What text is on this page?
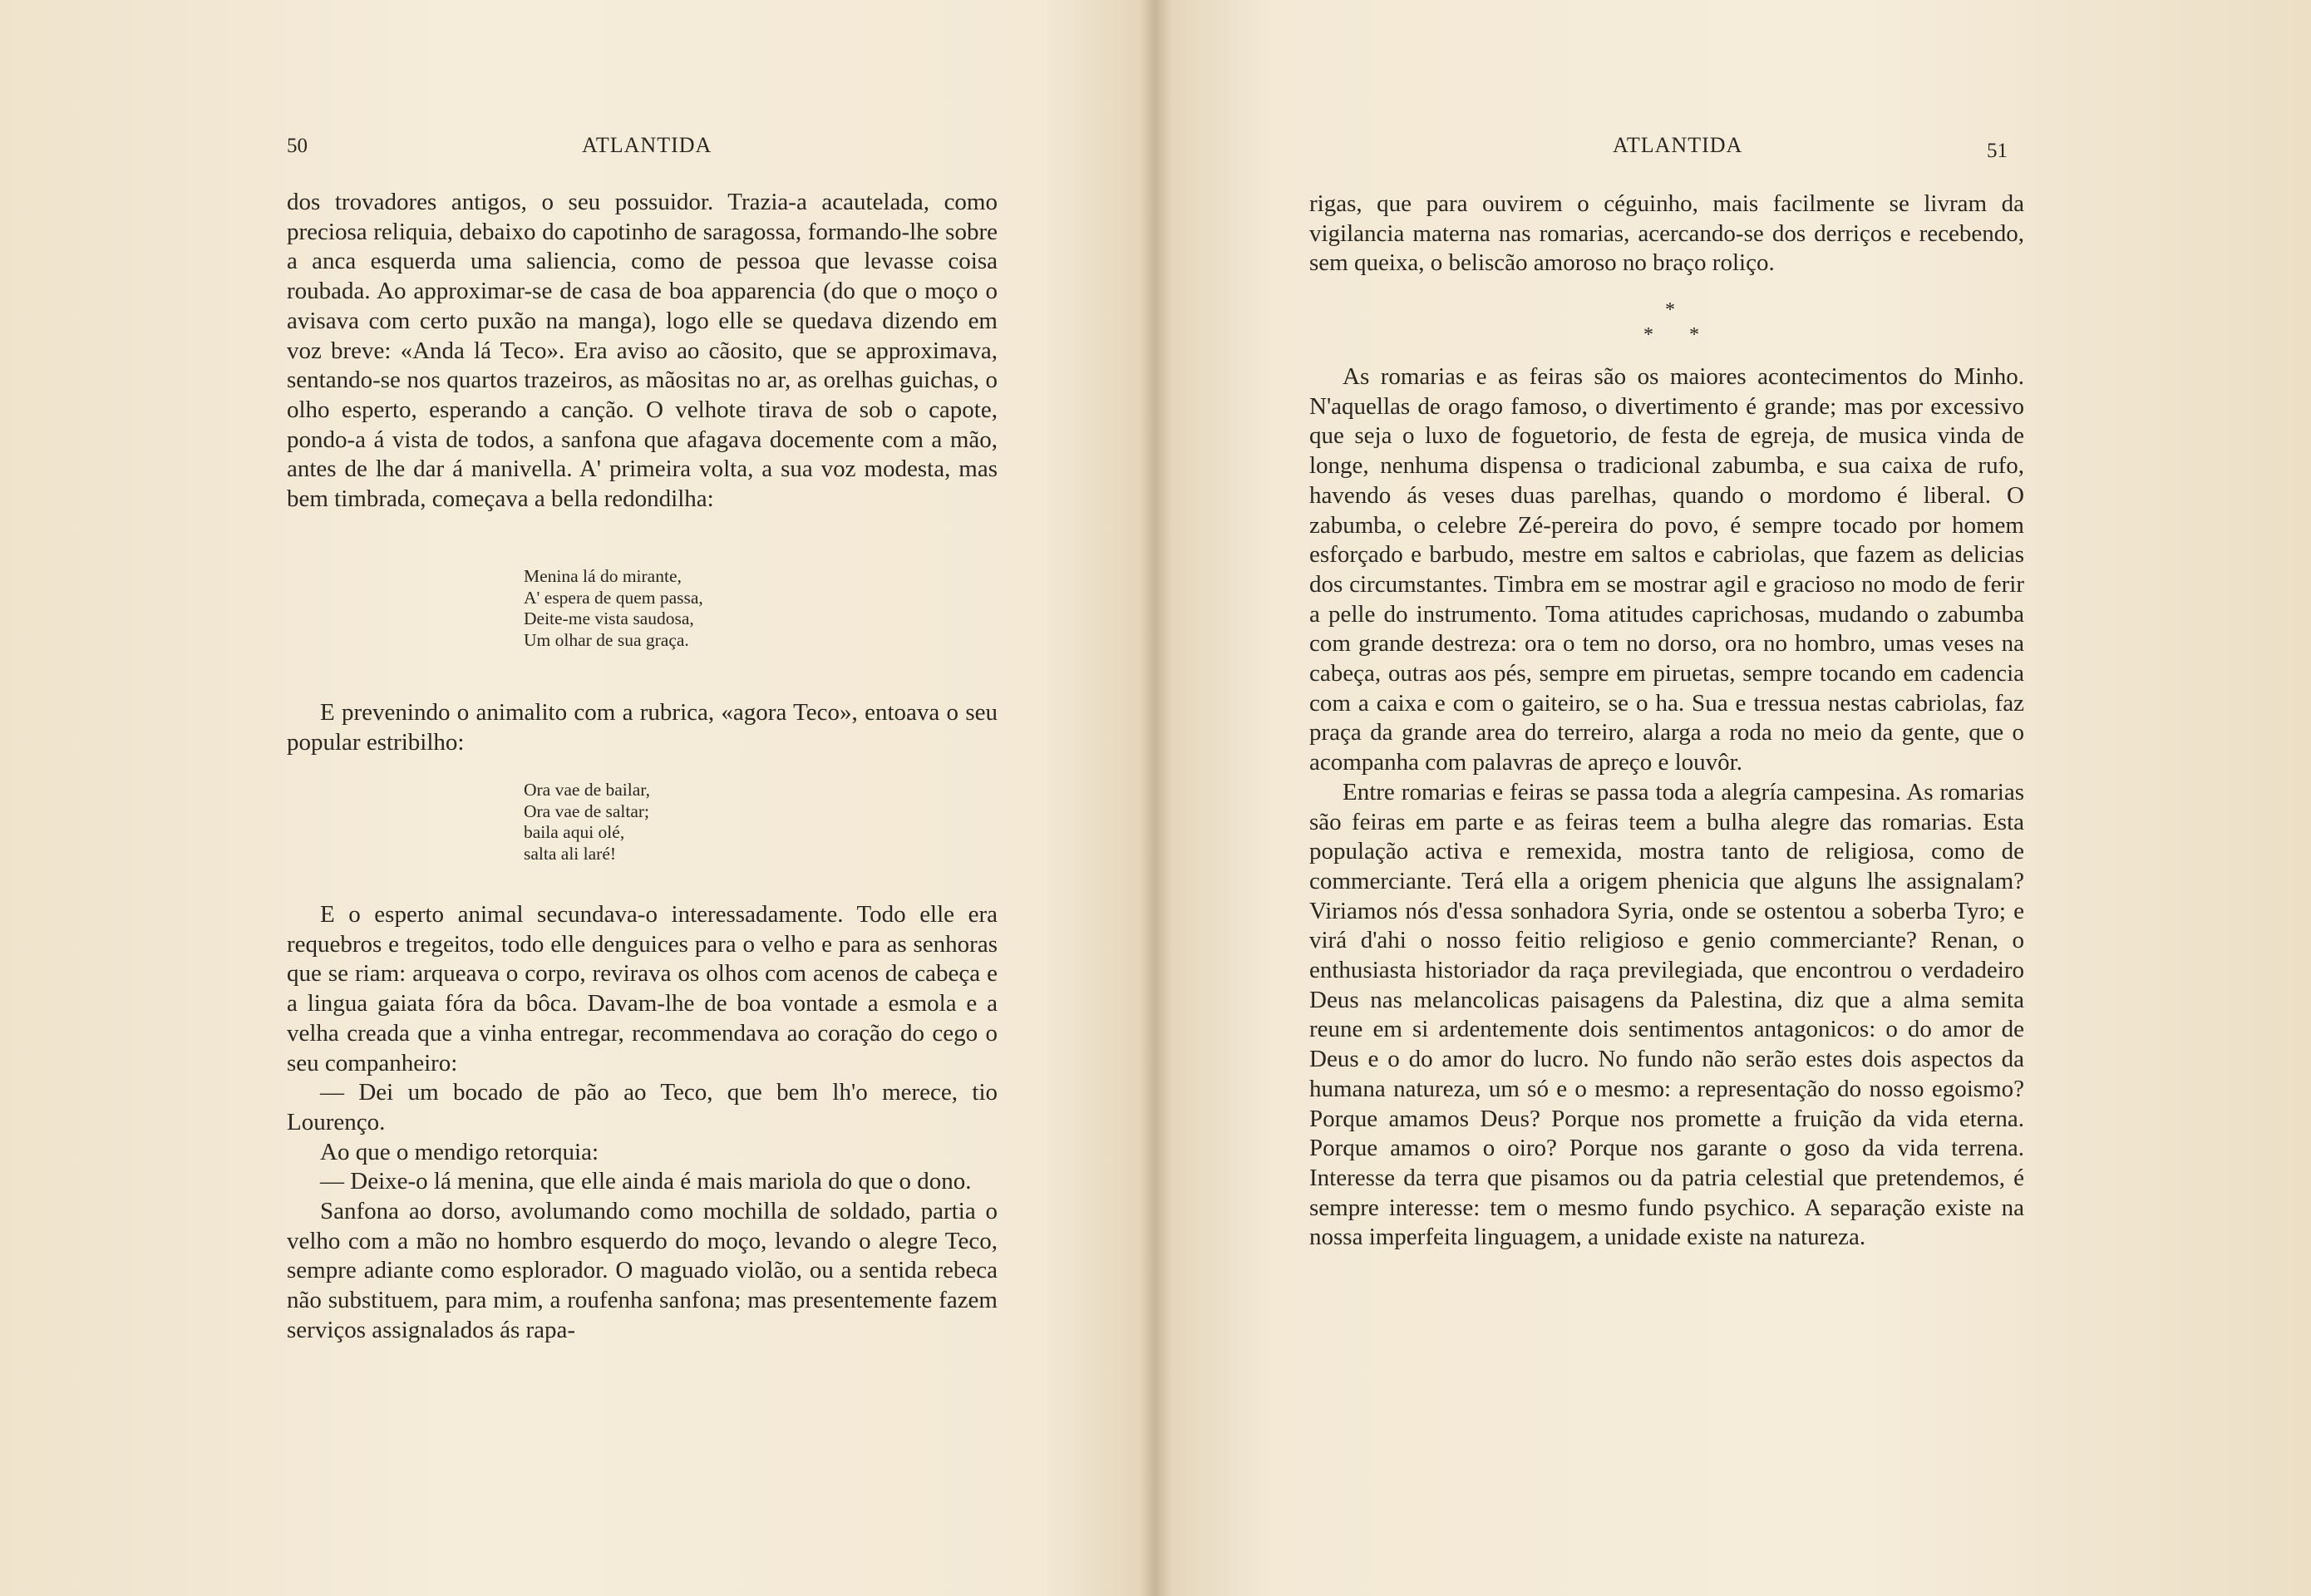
50	ATLANTIDA

dos trovadores antigos, o seu possuidor. Trazia-a acautelada, como preciosa reliquia, debaixo do capotinho de saragossa, formando-lhe sobre a anca esquerda uma saliencia, como de pessoa que levasse coisa roubada. Ao approximar-se de casa de boa apparencia (do que o moço o avisava com certo puxão na manga), logo elle se quedava dizendo em voz breve: «Anda lá Teco». Era aviso ao cãosito, que se approximava, sentando-se nos quartos trazeiros, as mãositas no ar, as orelhas guichas, o olho esperto, esperando a canção. O velhote tirava de sob o capote, pondo-a á vista de todos, a sanfona que afagava docemente com a mão, antes de lhe dar á manivella. A' primeira volta, a sua voz modesta, mas bem timbrada, começava a bella redondilha:

Menina lá do mirante,
A' espera de quem passa,
Deite-me vista saudosa,
Um olhar de sua graça.

E prevenindo o animalito com a rubrica, «agora Teco», entoava o seu popular estribilho:

Ora vae de bailar,
Ora vae de saltar;
baila aqui olé,
salta ali laré!

E o esperto animal secundava-o interessadamente. Todo elle era requebros e tregeitos, todo elle denguices para o velho e para as senhoras que se riam: arqueava o corpo, revirava os olhos com acenos de cabeça e a lingua gaiata fóra da bôca. Davam-lhe de boa vontade a esmola e a velha creada que a vinha entregar, recommendava ao coração do cego o seu companheiro:

— Dei um bocado de pão ao Teco, que bem lh'o merece, tio Lourenço.

Ao que o mendigo retorquia:

— Deixe-o lá menina, que elle ainda é mais mariola do que o dono.

Sanfona ao dorso, avolumando como mochilla de soldado, partia o velho com a mão no hombro esquerdo do moço, levando o alegre Teco, sempre adiante como esplorador. O maguado violão, ou a sentida rebeca não substituem, para mim, a roufenha sanfona; mas presentemente fazem serviços assignalados ás rapa-

ATLANTIDA	51

rigas, que para ouvirem o céguinho, mais facilmente se livram da vigilancia materna nas romarias, acercando-se dos derriços e recebendo, sem queixa, o beliscão amoroso no braço roliço.

*
* *

As romarias e as feiras são os maiores acontecimentos do Minho. N'aquellas de orago famoso, o divertimento é grande; mas por excessivo que seja o luxo de foguetorio, de festa de egreja, de musica vinda de longe, nenhuma dispensa o tradicional zabumba, e sua caixa de rufo, havendo ás veses duas parelhas, quando o mordomo é liberal. O zabumba, o celebre Zé-pereira do povo, é sempre tocado por homem esforçado e barbudo, mestre em saltos e cabriolas, que fazem as delicias dos circumstantes. Timbra em se mostrar agil e gracioso no modo de ferir a pelle do instrumento. Toma atitudes caprichosas, mudando o zabumba com grande destreza: ora o tem no dorso, ora no hombro, umas veses na cabeça, outras aos pés, sempre em piruetas, sempre tocando em cadencia com a caixa e com o gaiteiro, se o ha. Sua e tressua nestas cabriolas, faz praça da grande area do terreiro, alarga a roda no meio da gente, que o acompanha com palavras de apreço e louvôr.

Entre romarias e feiras se passa toda a alegría campesina. As romarias são feiras em parte e as feiras teem a bulha alegre das romarias. Esta população activa e remexida, mostra tanto de religiosa, como de commerciante. Terá ella a origem phenicia que alguns lhe assignalam? Viriamos nós d'essa sonhadora Syria, onde se ostentou a soberba Tyro; e virá d'ahi o nosso feitio religioso e genio commerciante? Renan, o enthusiasta historiador da raça previlegiada, que encontrou o verdadeiro Deus nas melancolicas paisagens da Palestina, diz que a alma semita reune em si ardentemente dois sentimentos antagonicos: o do amor de Deus e o do amor do lucro. No fundo não serão estes dois aspectos da humana natureza, um só e o mesmo: a representação do nosso egoismo? Porque amamos Deus? Porque nos promette a fruição da vida eterna. Porque amamos o oiro? Porque nos garante o goso da vida terrena. Interesse da terra que pisamos ou da patria celestial que pretendemos, é sempre interesse: tem o mesmo fundo psychico. A separação existe na nossa imperfeita linguagem, a unidade existe na natureza.
